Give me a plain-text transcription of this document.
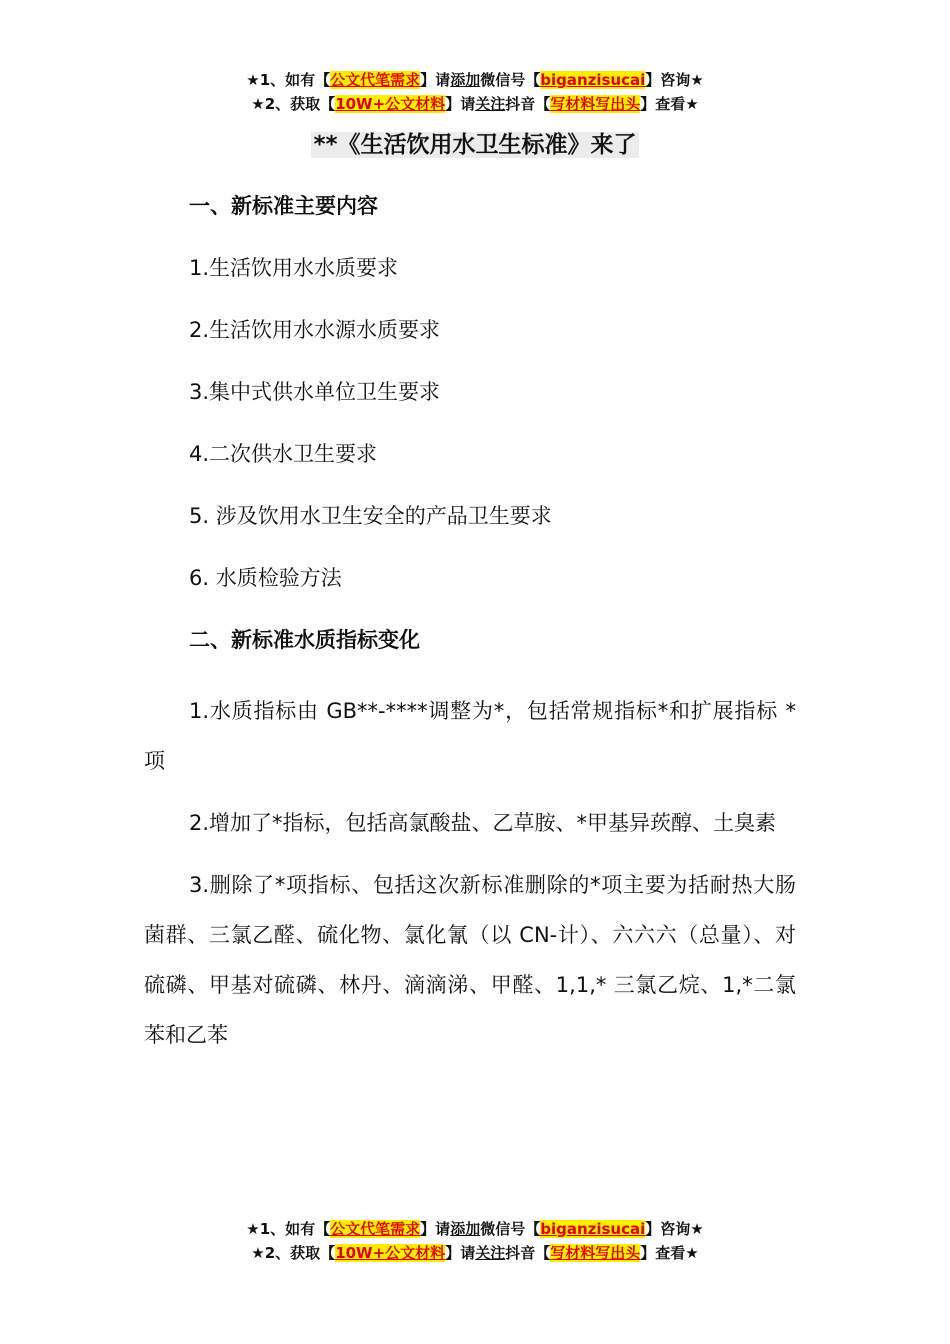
★1、如有【公文代笔需求】请添加微信号【biganzisucai】咨询★
★2、获取【10W+公文材料】请关注抖音【写材料写出头】查看★
**《生活饮用水卫生标准》来了
一、新标准主要内容
1.生活饮用水水质要求
2.生活饮用水水源水质要求
3.集中式供水单位卫生要求
4.二次供水卫生要求
5. 涉及饮用水卫生安全的产品卫生要求
6. 水质检验方法
二、新标准水质指标变化

1.水质指标由 GB**-****调整为*，包括常规指标*和扩展指标 * 项

2.增加了*指标，包括高氯酸盐、乙草胺、*甲基异莰醇、土臭素

3.删除了*项指标、包括这次新标准删除的*项主要为括耐热大肠菌群、三氯乙醛、硫化物、氯化氰（以 CN-计）、六六六（总量）、对硫磷、甲基对硫磷、林丹、滴滴涕、甲醛、1,1,* 三氯乙烷、1,*二氯苯和乙苯

★1、如有【公文代笔需求】请添加微信号【biganzisucai】咨询★
★2、获取【10W+公文材料】请关注抖音【写材料写出头】查看★
